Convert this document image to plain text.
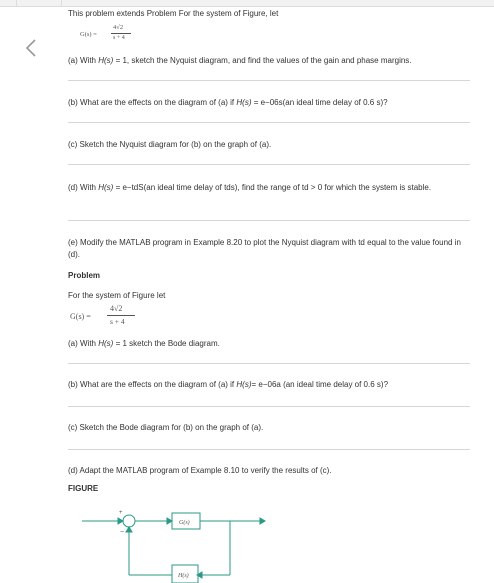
This problem extends Problem For the system of Figure, let
G(s) =
4√2
s + 4
(a) With H(s) = 1, sketch the Nyquist diagram, and find the values of the gain and phase margins.
(b) What are the effects on the diagram of (a) if H(s) = e−06s(an ideal time delay of 0.6 s)?
(c) Sketch the Nyquist diagram for (b) on the graph of (a).
(d) With H(s) = e−tdS(an ideal time delay of tds), find the range of td > 0 for which the system is stable.
(e) Modify the MATLAB program in Example 8.20 to plot the Nyquist diagram with td equal to the value found in (d).
Problem
For the system of Figure let
G(s) =
4√2
s + 4
(a) With H(s) = 1 sketch the Bode diagram.
(b) What are the effects on the diagram of (a) if H(s)= e−06a (an ideal time delay of 0.6 s)?
(c) Sketch the Bode diagram for (b) on the graph of (a).
(d) Adapt the MATLAB program of Example 8.10 to verify the results of (c).
FIGURE
+
−
G(s)
H(s)
